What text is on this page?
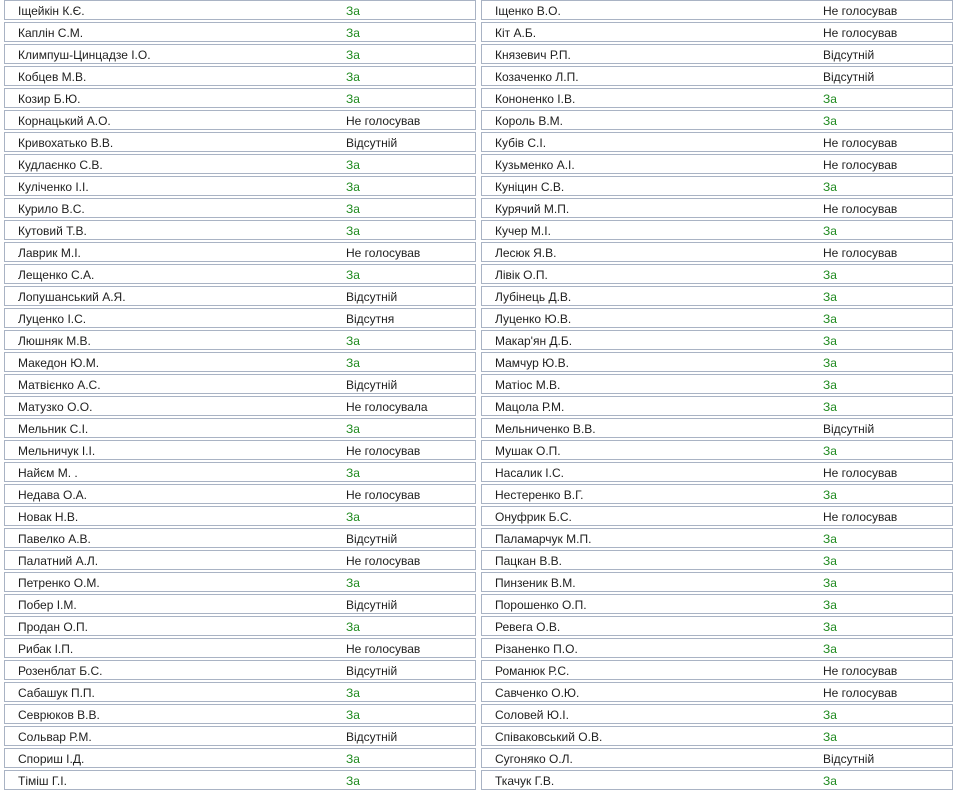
Іщейкін К.Є.	За
Каплін С.М.	За
Климпуш-Цинцадзе І.О.	За
Кобцев М.В.	За
Козир Б.Ю.	За
Корнацький А.О.	Не голосував
Кривохатько В.В.	Відсутній
Кудлаєнко С.В.	За
Куліченко І.І.	За
Курило В.С.	За
Кутовий Т.В.	За
Лаврик М.І.	Не голосував
Лещенко С.А.	За
Лопушанський А.Я.	Відсутній
Луценко І.С.	Відсутня
Люшняк М.В.	За
Македон Ю.М.	За
Матвієнко А.С.	Відсутній
Матузко О.О.	Не голосувала
Мельник С.І.	За
Мельничук І.І.	Не голосував
Найєм М. .	За
Недава О.А.	Не голосував
Новак Н.В.	За
Павелко А.В.	Відсутній
Палатний А.Л.	Не голосував
Петренко О.М.	За
Побер І.М.	Відсутній
Продан О.П.	За
Рибак І.П.	Не голосував
Розенблат Б.С.	Відсутній
Сабашук П.П.	За
Севрюков В.В.	За
Сольвар Р.М.	Відсутній
Спориш І.Д.	За
Тіміш Г.І.	За
Іщенко В.О.	Не голосував
Кіт А.Б.	Не голосував
Князевич Р.П.	Відсутній
Козаченко Л.П.	Відсутній
Кононенко І.В.	За
Король В.М.	За
Кубів С.І.	Не голосував
Кузьменко А.І.	Не голосував
Куніцин С.В.	За
Курячий М.П.	Не голосував
Кучер М.І.	За
Лесюк Я.В.	Не голосував
Лівік О.П.	За
Лубінець Д.В.	За
Луценко Ю.В.	За
Макар'ян Д.Б.	За
Мамчур Ю.В.	За
Матіос М.В.	За
Мацола Р.М.	За
Мельниченко В.В.	Відсутній
Мушак О.П.	За
Насалик І.С.	Не голосував
Нестеренко В.Г.	За
Онуфрик Б.С.	Не голосував
Паламарчук М.П.	За
Пацкан В.В.	За
Пинзеник В.М.	За
Порошенко О.П.	За
Ревега О.В.	За
Різаненко П.О.	За
Романюк Р.С.	Не голосував
Савченко О.Ю.	Не голосував
Соловей Ю.І.	За
Співаковський О.В.	За
Сугоняко О.Л.	Відсутній
Ткачук Г.В.	За
